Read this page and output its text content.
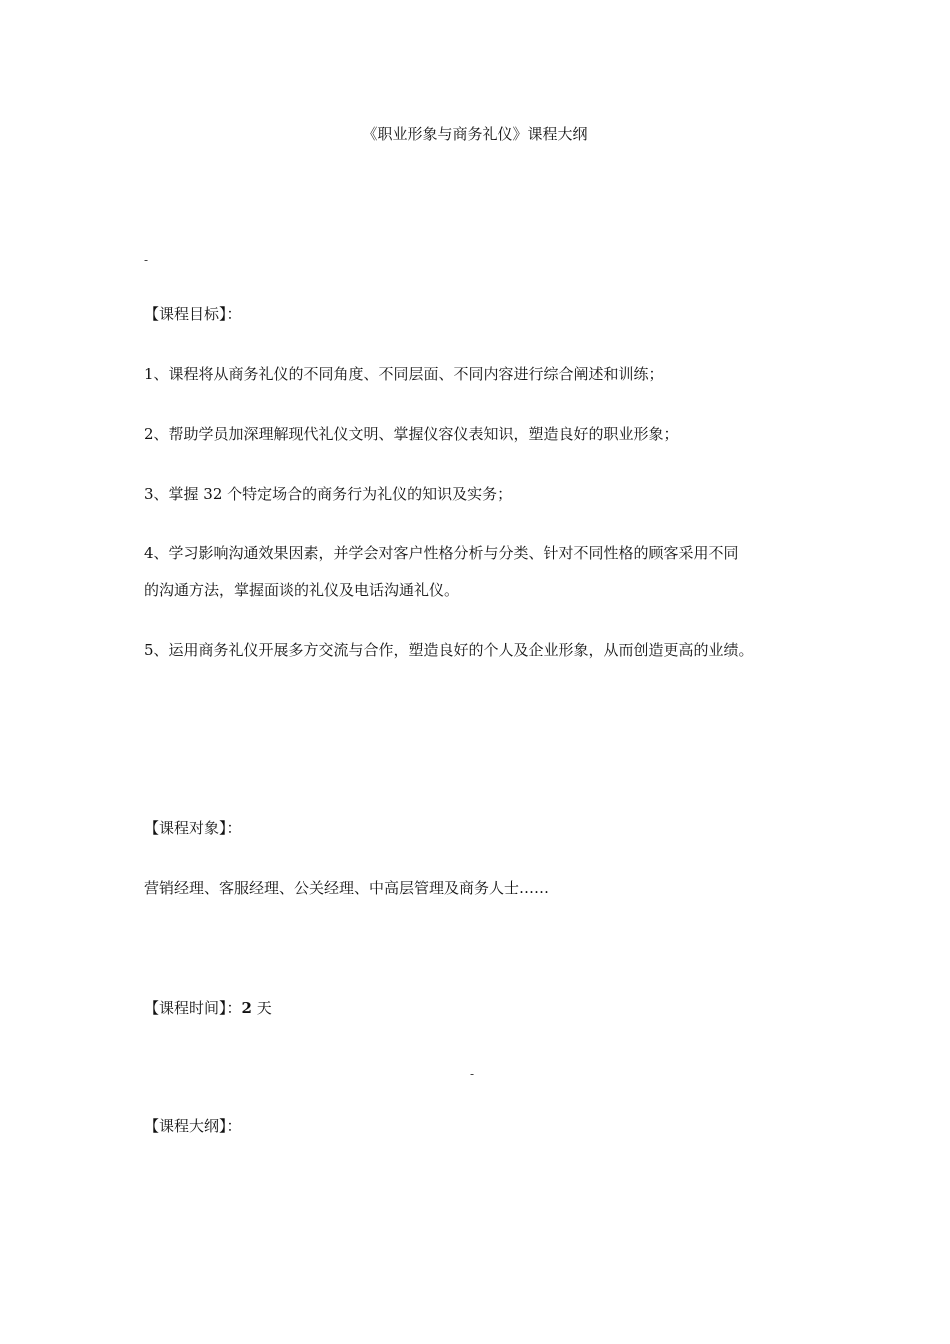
《职业形象与商务礼仪》课程大纲
-
【课程目标】：
1、课程将从商务礼仪的不同角度、不同层面、不同内容进行综合阐述和训练；
2、帮助学员加深理解现代礼仪文明、掌握仪容仪表知识，塑造良好的职业形象；
3、掌握 32 个特定场合的商务行为礼仪的知识及实务；
4、学习影响沟通效果因素，并学会对客户性格分析与分类、针对不同性格的顾客采用不同
的沟通方法，掌握面谈的礼仪及电话沟通礼仪。
5、运用商务礼仪开展多方交流与合作，塑造良好的个人及企业形象，从而创造更高的业绩。
【课程对象】：
营销经理、客服经理、公关经理、中高层管理及商务人士……
【课程时间】：2 天
-
【课程大纲】：
